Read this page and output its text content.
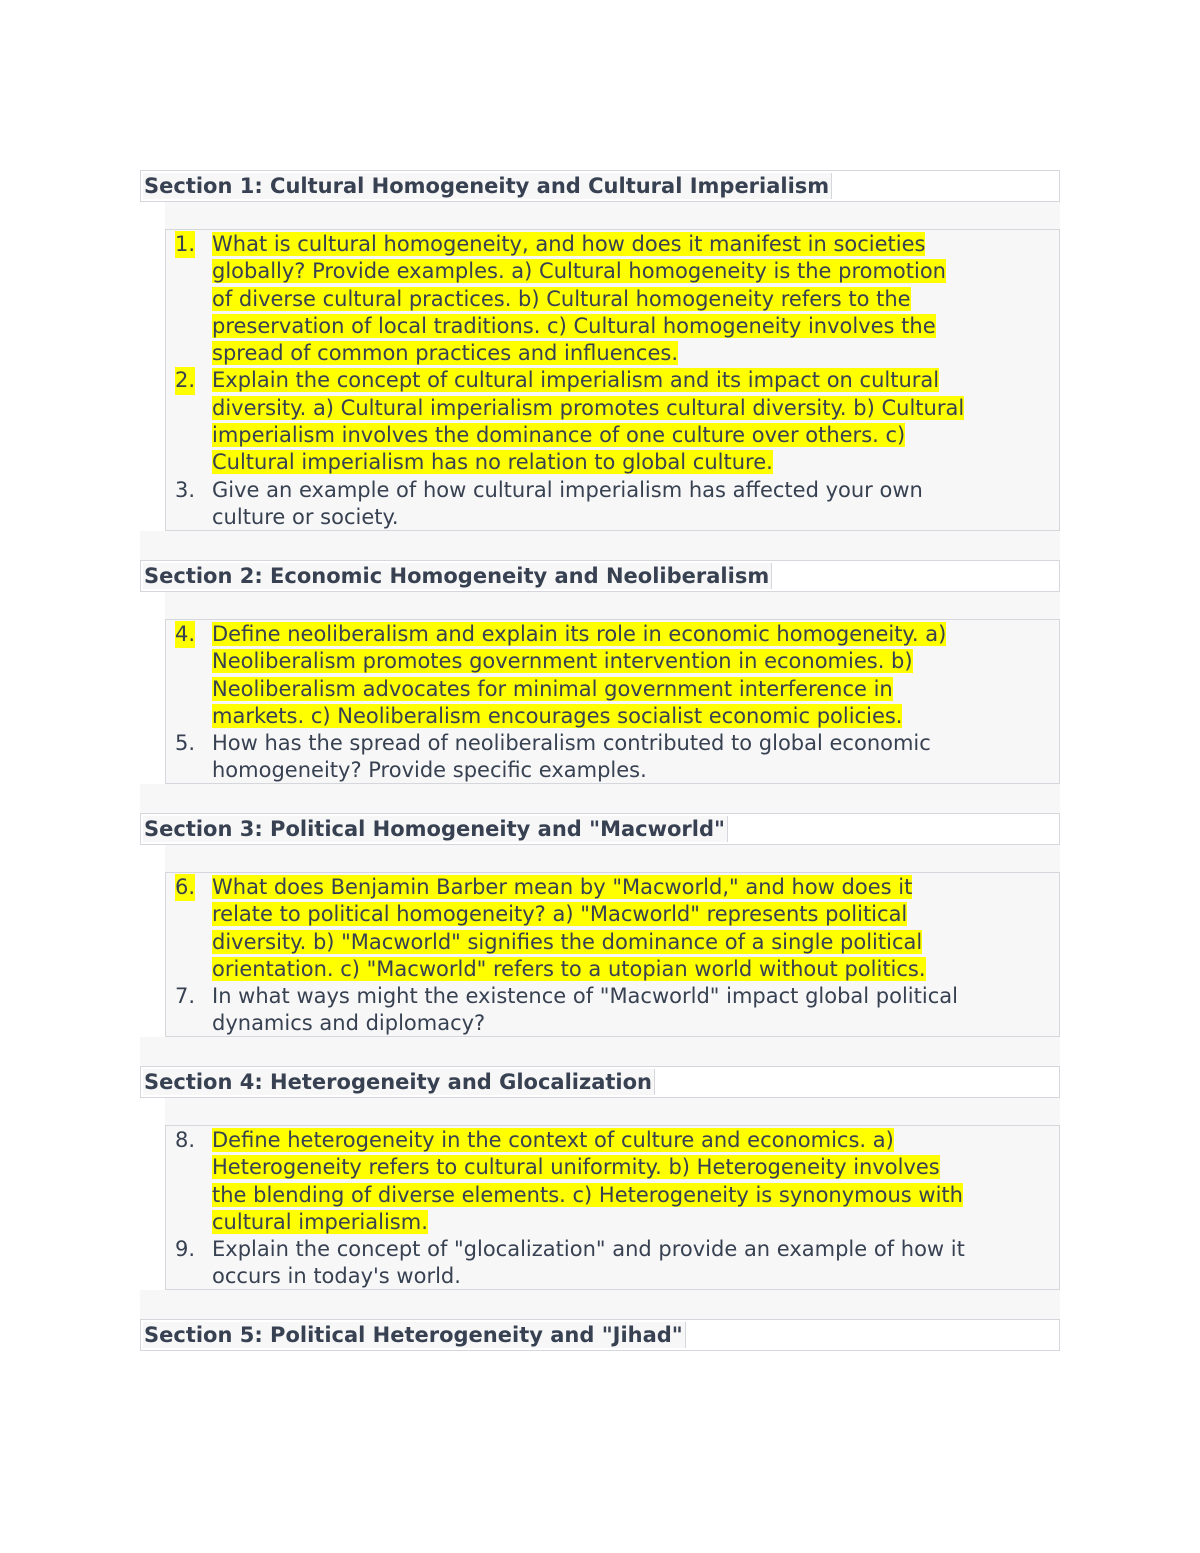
Section 1: Cultural Homogeneity and Cultural Imperialism
1. What is cultural homogeneity, and how does it manifest in societies
globally? Provide examples. a) Cultural homogeneity is the promotion
of diverse cultural practices. b) Cultural homogeneity refers to the
preservation of local traditions. c) Cultural homogeneity involves the
spread of common practices and influences.
2. Explain the concept of cultural imperialism and its impact on cultural
diversity. a) Cultural imperialism promotes cultural diversity. b) Cultural
imperialism involves the dominance of one culture over others. c)
Cultural imperialism has no relation to global culture.
3. Give an example of how cultural imperialism has affected your own
culture or society.
Section 2: Economic Homogeneity and Neoliberalism
4. Define neoliberalism and explain its role in economic homogeneity. a)
Neoliberalism promotes government intervention in economies. b)
Neoliberalism advocates for minimal government interference in
markets. c) Neoliberalism encourages socialist economic policies.
5. How has the spread of neoliberalism contributed to global economic
homogeneity? Provide specific examples.
Section 3: Political Homogeneity and "Macworld"
6. What does Benjamin Barber mean by "Macworld," and how does it
relate to political homogeneity? a) "Macworld" represents political
diversity. b) "Macworld" signifies the dominance of a single political
orientation. c) "Macworld" refers to a utopian world without politics.
7. In what ways might the existence of "Macworld" impact global political
dynamics and diplomacy?
Section 4: Heterogeneity and Glocalization
8. Define heterogeneity in the context of culture and economics. a)
Heterogeneity refers to cultural uniformity. b) Heterogeneity involves
the blending of diverse elements. c) Heterogeneity is synonymous with
cultural imperialism.
9. Explain the concept of "glocalization" and provide an example of how it
occurs in today's world.
Section 5: Political Heterogeneity and "Jihad"
